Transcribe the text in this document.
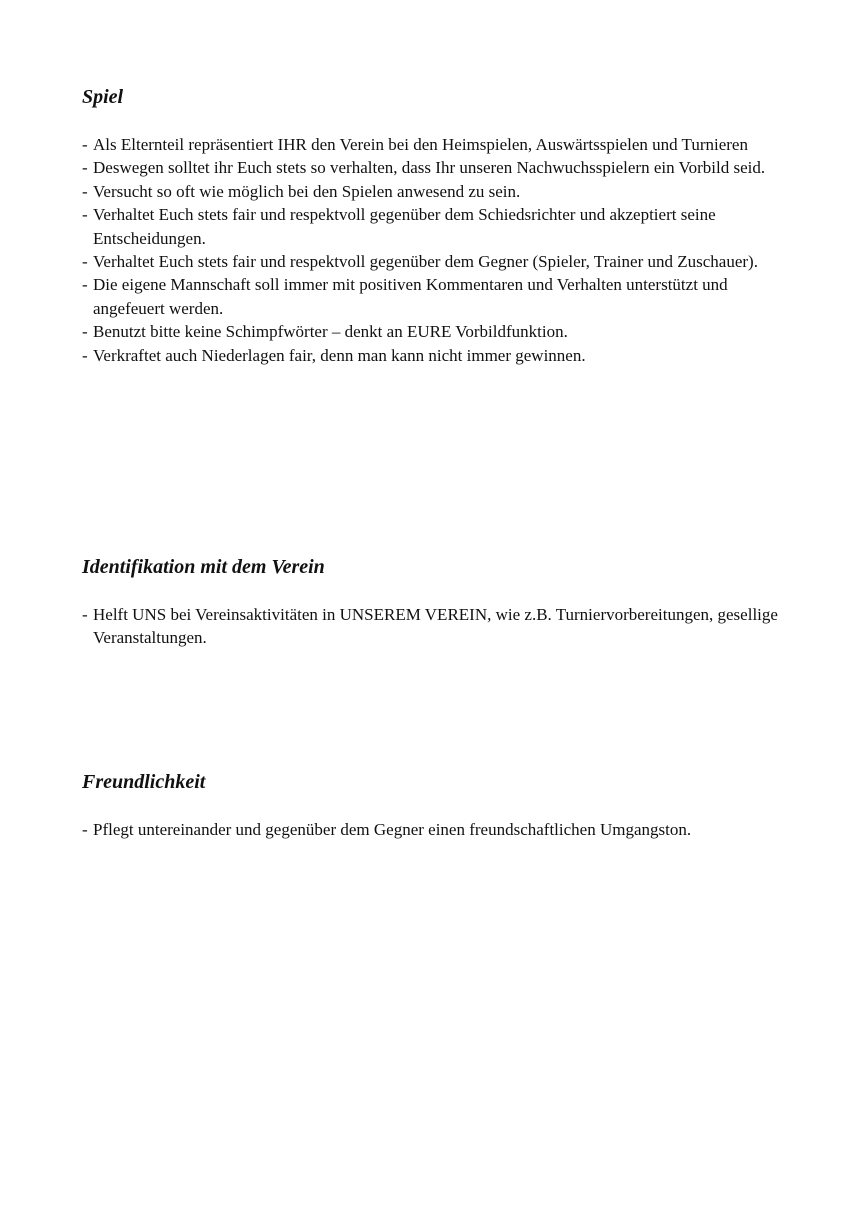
Spiel
- Als Elternteil repräsentiert IHR den Verein bei den Heimspielen, Auswärtsspielen und Turnieren
- Deswegen solltet ihr Euch stets so verhalten, dass Ihr unseren Nachwuchsspielern ein Vorbild seid.
- Versucht so oft wie möglich bei den Spielen anwesend zu sein.
- Verhaltet Euch stets fair und respektvoll gegenüber dem Schiedsrichter und akzeptiert seine Entscheidungen.
- Verhaltet Euch stets fair und respektvoll gegenüber dem Gegner (Spieler, Trainer und Zuschauer).
- Die eigene Mannschaft soll immer mit positiven Kommentaren und Verhalten unterstützt und angefeuert werden.
- Benutzt bitte keine Schimpfwörter – denkt an EURE Vorbildfunktion.
- Verkraftet auch Niederlagen fair, denn man kann nicht immer gewinnen.
Identifikation mit dem Verein
- Helft UNS bei Vereinsaktivitäten in UNSEREM VEREIN, wie z.B. Turniervorbereitungen, gesellige Veranstaltungen.
Freundlichkeit
- Pflegt untereinander und gegenüber dem Gegner einen freundschaftlichen Umgangston.
